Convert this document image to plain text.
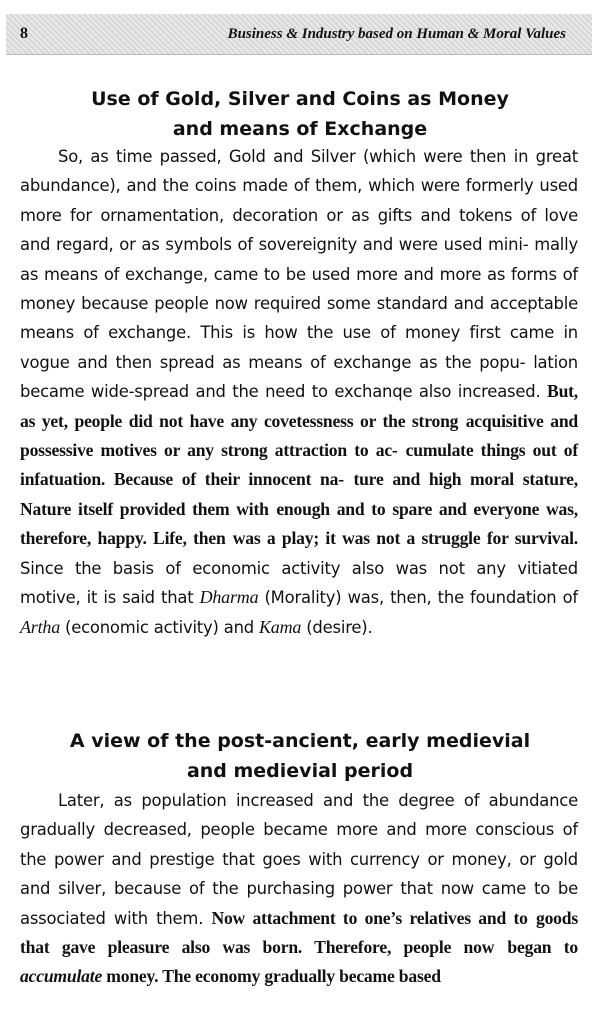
8	Business & Industry based on Human & Moral Values

Use of Gold, Silver and Coins as Money

and means of Exchange

So, as time passed, Gold and Silver (which were then in great abundance), and the coins made of them, which were formerly used more for ornamentation, decoration or as gifts and tokens of love and regard, or as symbols of sovereignity and were used mini- mally as means of exchange, came to be used more and more as forms of money because people now required some standard and acceptable means of exchange. This is how the use of money first came in vogue and then spread as means of exchange as the popu- lation became wide-spread and the need to exchanqe also increased. But, as yet, people did not have any covetessness or the strong acquisitive and possessive motives or any strong attraction to ac- cumulate things out of infatuation. Because of their innocent na- ture and high moral stature, Nature itself provided them with enough and to spare and everyone was, therefore, happy. Life, then was a play; it was not a struggle for survival. Since the basis of economic activity also was not any vitiated motive, it is said that Dharma (Morality) was, then, the foundation of Artha (economic activity) and Kama (desire).

A view of the post-ancient, early medievial

and medievial period

Later, as population increased and the degree of abundance gradually decreased, people became more and more conscious of the power and prestige that goes with currency or money, or gold and silver, because of the purchasing power that now came to be associated with them. Now attachment to one’s relatives and to goods that gave pleasure also was born. Therefore, people now began to accumulate money. The economy gradually became based
